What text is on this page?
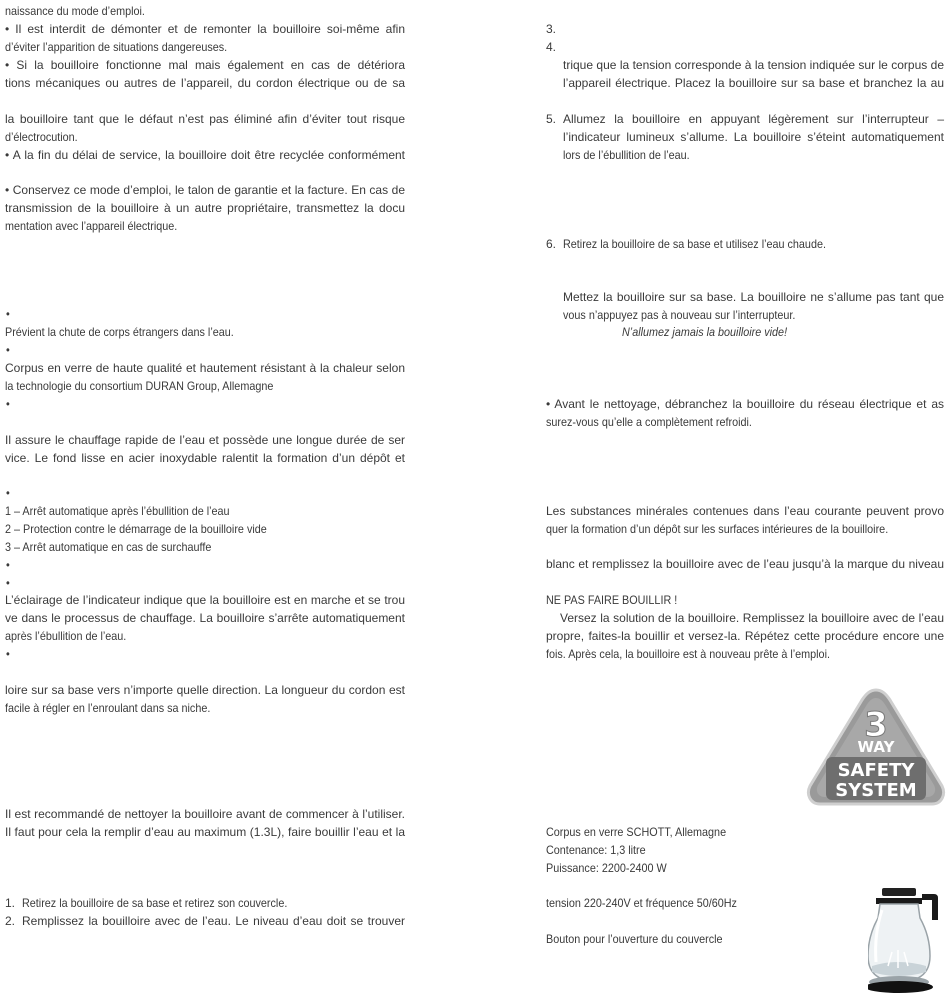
naissance du mode d’emploi.
• Il est interdit de démonter et de remonter la bouilloire soi-même afin
d’éviter l’apparition de situations dangereuses.
• Si la bouilloire fonctionne mal mais également en cas de détériora
tions mécaniques ou autres de l’appareil, du cordon électrique ou de sa
la bouilloire tant que le défaut n’est pas éliminé afin d’éviter tout risque
d’électrocution.
• A la fin du délai de service, la bouilloire doit être recyclée conformément
• Conservez ce mode d’emploi, le talon de garantie et la facture. En cas de
transmission de la bouilloire à un autre propriétaire, transmettez la docu
mentation avec l’appareil électrique.
•
Prévient la chute de corps étrangers dans l’eau.
•
Corpus en verre de haute qualité et hautement résistant à la chaleur selon
la technologie du consortium DURAN Group, Allemagne
•
Il assure le chauffage rapide de l’eau et possède une longue durée de ser
vice. Le fond lisse en acier inoxydable ralentit la formation d’un dépôt et
•
1 – Arrêt automatique après l’ébullition de l’eau
2 – Protection contre le démarrage de la bouilloire vide
3 – Arrêt automatique en cas de surchauffe
•
•
L’éclairage de l’indicateur indique que la bouilloire est en marche et se trou
ve dans le processus de chauffage. La bouilloire s’arrête automatiquement
après l’ébullition de l’eau.
•
loire sur sa base vers n’importe quelle direction. La longueur du cordon est
facile à régler en l’enroulant dans sa niche.
Il est recommandé de nettoyer la bouilloire avant de commencer à l’utiliser.
Il faut pour cela la remplir d’eau au maximum (1.3L), faire bouillir l’eau et la
1. Retirez la bouilloire de sa base et retirez son couvercle.
2. Remplissez la bouilloire avec de l’eau. Le niveau d’eau doit se trouver
3.
4.
trique que la tension corresponde à la tension indiquée sur le corpus de
l’appareil électrique. Placez la bouilloire sur sa base et branchez la au
5. Allumez la bouilloire en appuyant légèrement sur l’interrupteur –
l’indicateur lumineux s’allume. La bouilloire s’éteint automatiquement
lors de l’ébullition de l’eau.
6. Retirez la bouilloire de sa base et utilisez l’eau chaude.
Mettez la bouilloire sur sa base. La bouilloire ne s’allume pas tant que
vous n’appuyez pas à nouveau sur l’interrupteur.
N’allumez jamais la bouilloire vide!
• Avant le nettoyage, débranchez la bouilloire du réseau électrique et as
surez-vous qu’elle a complètement refroidi.
Les substances minérales contenues dans l’eau courante peuvent provo
quer la formation d’un dépôt sur les surfaces intérieures de la bouilloire.
blanc et remplissez la bouilloire avec de l’eau jusqu’à la marque du niveau
NE PAS FAIRE BOUILLIR !
Versez la solution de la bouilloire. Remplissez la bouilloire avec de l’eau
propre, faites-la bouillir et versez-la. Répétez cette procédure encore une
fois. Après cela, la bouilloire est à nouveau prête à l’emploi.
Corpus en verre SCHOTT, Allemagne
Contenance: 1,3 litre
Puissance: 2200-2400 W
tension 220-240V et fréquence 50/60Hz
Bouton pour l’ouverture du couvercle
3
WAY
SAFETY
SYSTEM
